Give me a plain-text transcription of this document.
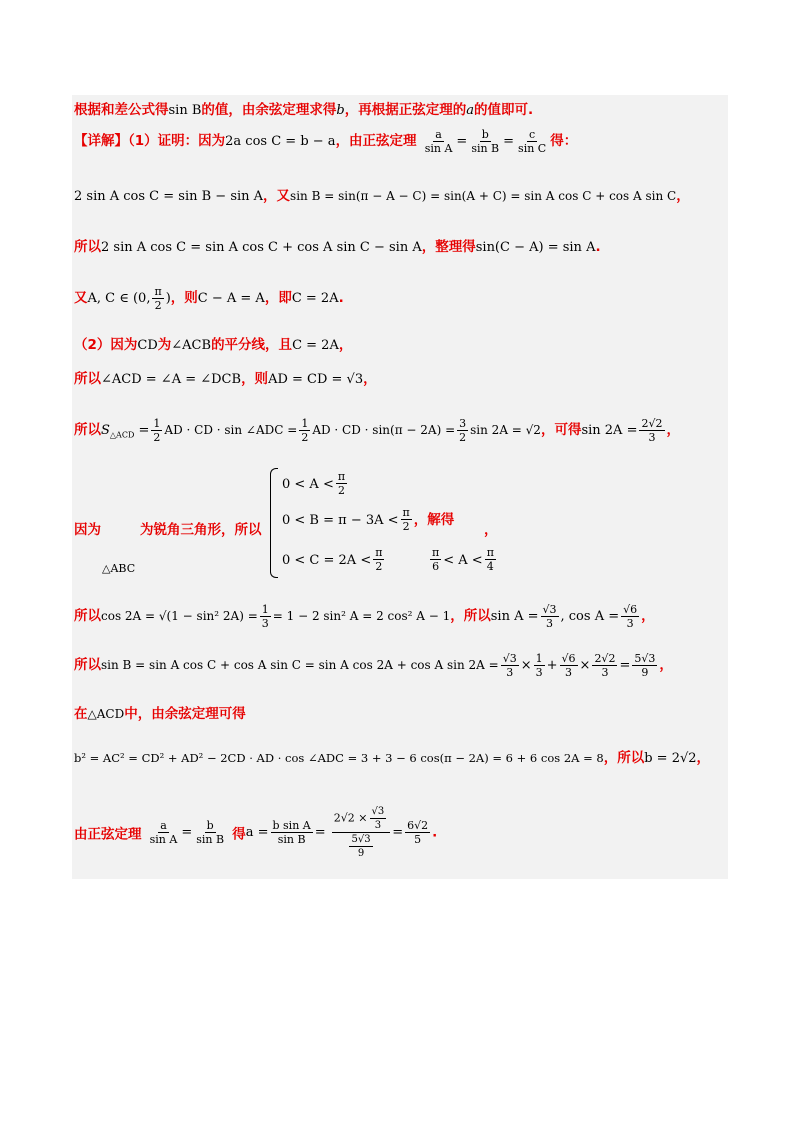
根据和差公式得sin B的值，由余弦定理求得b，再根据正弦定理的a的值即可.
【详解】（1）证明：因为2a cos C = b − a，由正弦定理 $\frac{a}{\text{sin A}} = \frac{b}{\text{sin B}} = \frac{c}{\text{sin C}}$ 得：
2 sin A cos C = sin B − sin A，又sin B = sin(π − A − C) = sin(A + C) = sin A cos C + cos A sin C，
所以2 sin A cos C = sin A cos C + cos A sin C − sin A，整理得sin(C − A) = sin A.
又A, C ∈ (0, $\frac{\pi}{2}$ )，则C − A = A，即C = 2A.
（2）因为CD为∠ACB的平分线，且C = 2A，
所以∠ACD = ∠A = ∠DCB，则AD = CD = √3，
所以$S_{\triangle ACD} = \frac{1}{2}$ AD · CD · sin ∠ADC = $\frac{1}{2}$ AD · CD · $\sin(\pi - 2A) = \frac{3}{2}$ sin 2A = √2，可得$\sin 2A = \frac{2√2}{3}$ ，
因为
△ABC
为锐角三角形，所以
$0 < A < \frac{\pi}{2}$
$0 < B = \pi - 3A < \frac{\pi}{2}$ ，解得
$0 < C = 2A < \frac{\pi}{2}$	$\frac{\pi}{6} < A < \frac{\pi}{4}$
，
所以cos 2A = √(1 − sin² $2A) = \frac{1}{3} = 1 - 2$ sin² A = 2 cos² A − 1，所以$\sin A = \frac{√3}{3}$ , $\cos A = \frac{√6}{3}$ ，
所以sin B = sin A cos C + cos A sin C = sin A cos 2A + cos A $\sin 2A = \frac{√3}{3} \times \frac{1}{3} + \frac{√6}{3} \times \frac{2√2}{3} = \frac{5√3}{9}$ ，
在△ACD中，由余弦定理可得
b² = AC² = CD² + AD² − 2CD · AD · cos ∠ADC = 3 + 3 − 6 cos(π − 2A) = 6 + 6 cos 2A = 8，所以b = 2√2，
由正弦定理 $\frac{a}{\text{sin A}} = \frac{b}{\text{sin B}}$ 得$a = \frac{\text{b sin A}}{\text{sin B}} = \frac{2√2 \times \frac{√3}{3}}{\frac{5√3}{9}} = \frac{6√2}{5}$ .
